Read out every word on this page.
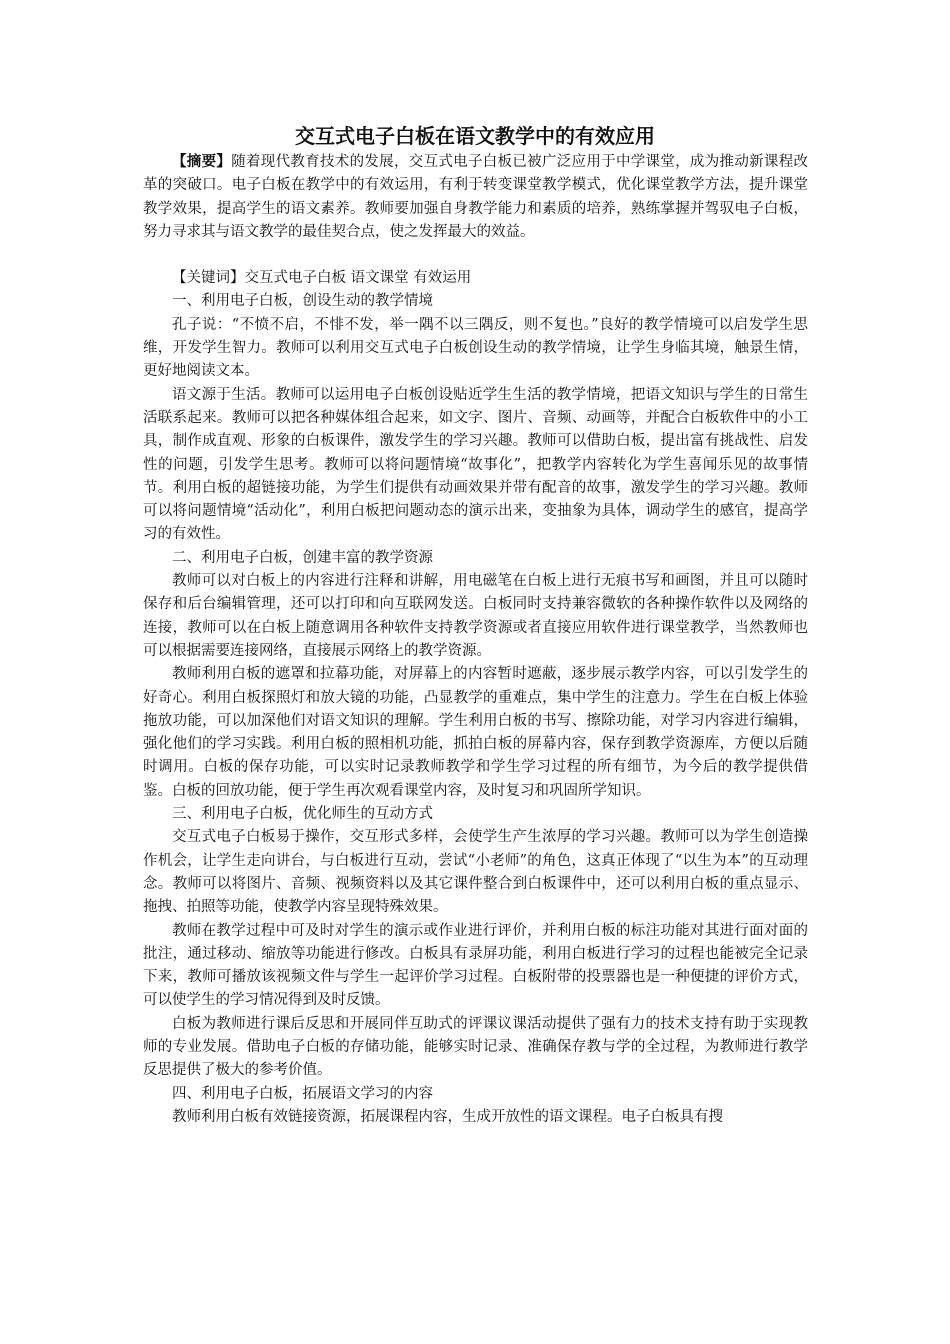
交互式电子白板在语文教学中的有效应用

【摘要】随着现代教育技术的发展，交互式电子白板已被广泛应用于中学课堂，成为推动新课程改革的突破口。电子白板在教学中的有效运用，有利于转变课堂教学模式，优化课堂教学方法，提升课堂教学效果，提高学生的语文素养。教师要加强自身教学能力和素质的培养，熟练掌握并驾驭电子白板，努力寻求其与语文教学的最佳契合点，使之发挥最大的效益。

【关键词】交互式电子白板 语文课堂 有效运用

一、利用电子白板，创设生动的教学情境

孔子说：“不愤不启，不悱不发，举一隅不以三隅反，则不复也。”良好的教学情境可以启发学生思维，开发学生智力。教师可以利用交互式电子白板创设生动的教学情境，让学生身临其境，触景生情，更好地阅读文本。

语文源于生活。教师可以运用电子白板创设贴近学生生活的教学情境，把语文知识与学生的日常生活联系起来。教师可以把各种媒体组合起来，如文字、图片、音频、动画等，并配合白板软件中的小工具，制作成直观、形象的白板课件，激发学生的学习兴趣。教师可以借助白板，提出富有挑战性、启发性的问题，引发学生思考。教师可以将问题情境“故事化”，把教学内容转化为学生喜闻乐见的故事情节。利用白板的超链接功能，为学生们提供有动画效果并带有配音的故事，激发学生的学习兴趣。教师可以将问题情境“活动化”，利用白板把问题动态的演示出来，变抽象为具体，调动学生的感官，提高学习的有效性。

二、利用电子白板，创建丰富的教学资源

教师可以对白板上的内容进行注释和讲解，用电磁笔在白板上进行无痕书写和画图，并且可以随时保存和后台编辑管理，还可以打印和向互联网发送。白板同时支持兼容微软的各种操作软件以及网络的连接，教师可以在白板上随意调用各种软件支持教学资源或者直接应用软件进行课堂教学，当然教师也可以根据需要连接网络，直接展示网络上的教学资源。

教师利用白板的遮罩和拉幕功能，对屏幕上的内容暂时遮蔽，逐步展示教学内容，可以引发学生的好奇心。利用白板探照灯和放大镜的功能，凸显教学的重难点，集中学生的注意力。学生在白板上体验拖放功能，可以加深他们对语文知识的理解。学生利用白板的书写、擦除功能，对学习内容进行编辑，强化他们的学习实践。利用白板的照相机功能，抓拍白板的屏幕内容，保存到教学资源库，方便以后随时调用。白板的保存功能，可以实时记录教师教学和学生学习过程的所有细节，为今后的教学提供借鉴。白板的回放功能，便于学生再次观看课堂内容，及时复习和巩固所学知识。

三、利用电子白板，优化师生的互动方式

交互式电子白板易于操作，交互形式多样，会使学生产生浓厚的学习兴趣。教师可以为学生创造操作机会，让学生走向讲台，与白板进行互动，尝试“小老师”的角色，这真正体现了“以生为本”的互动理念。教师可以将图片、音频、视频资料以及其它课件整合到白板课件中，还可以利用白板的重点显示、拖拽、拍照等功能，使教学内容呈现特殊效果。

教师在教学过程中可及时对学生的演示或作业进行评价，并利用白板的标注功能对其进行面对面的批注，通过移动、缩放等功能进行修改。白板具有录屏功能，利用白板进行学习的过程也能被完全记录下来，教师可播放该视频文件与学生一起评价学习过程。白板附带的投票器也是一种便捷的评价方式，可以使学生的学习情况得到及时反馈。

白板为教师进行课后反思和开展同伴互助式的评课议课活动提供了强有力的技术支持有助于实现教师的专业发展。借助电子白板的存储功能，能够实时记录、准确保存教与学的全过程，为教师进行教学反思提供了极大的参考价值。

四、利用电子白板，拓展语文学习的内容

教师利用白板有效链接资源，拓展课程内容，生成开放性的语文课程。电子白板具有搜
